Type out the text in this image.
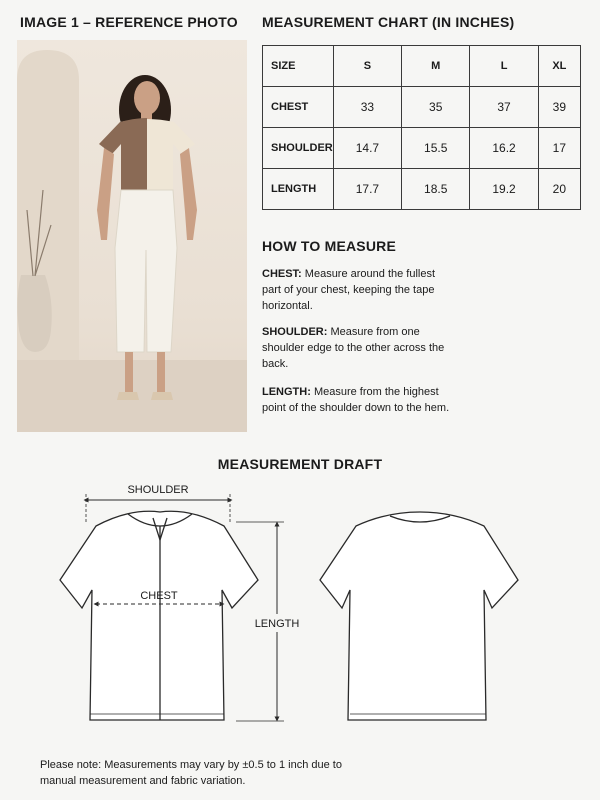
IMAGE 1 – REFERENCE PHOTO MEASUREMENT CHART (IN INCHES)
SIZE	S	M	L	XL
CHEST	33	35	37	39
SHOULDER	14.7	15.5	16.2	17
LENGTH	17.7	18.5	19.2	20
HOW TO MEASURE
CHEST: Measure around the fullest part of your chest, keeping the tape horizontal.
SHOULDER: Measure from one shoulder edge to the other across the back.
LENGTH: Measure from the highest point of the shoulder down to the hem.
MEASUREMENT DRAFT
SHOULDER
CHEST
LENGTH
Please note: Measurements may vary by ±0.5 to 1 inch due to manual measurement and fabric variation.
